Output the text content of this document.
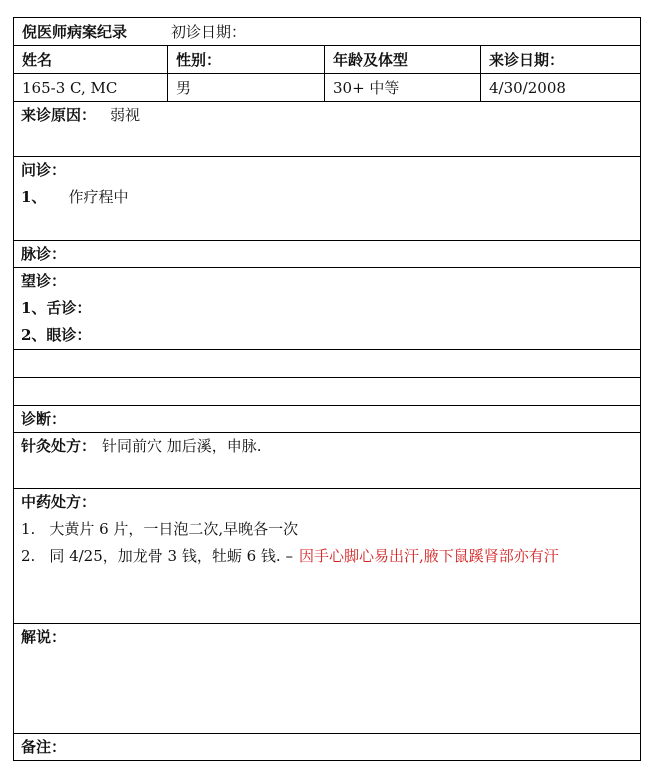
倪医师病案纪录	初诊日期：
姓名	性别：	年龄及体型	来诊日期：
165-3 C, MC	男	30+ 中等	4/30/2008
来诊原因： 弱视
问诊：
1、 作疗程中
脉诊：
望诊：
1、舌诊：
2、眼诊：
诊断：
针灸处方： 针同前穴 加后溪，申脉.
中药处方：
1. 大黄片 6 片，一日泡二次,早晚各一次
2. 同 4/25，加龙骨 3 钱，牡蛎 6 钱. – 因手心脚心易出汗,腋下鼠蹊肾部亦有汗
解说：
备注：
